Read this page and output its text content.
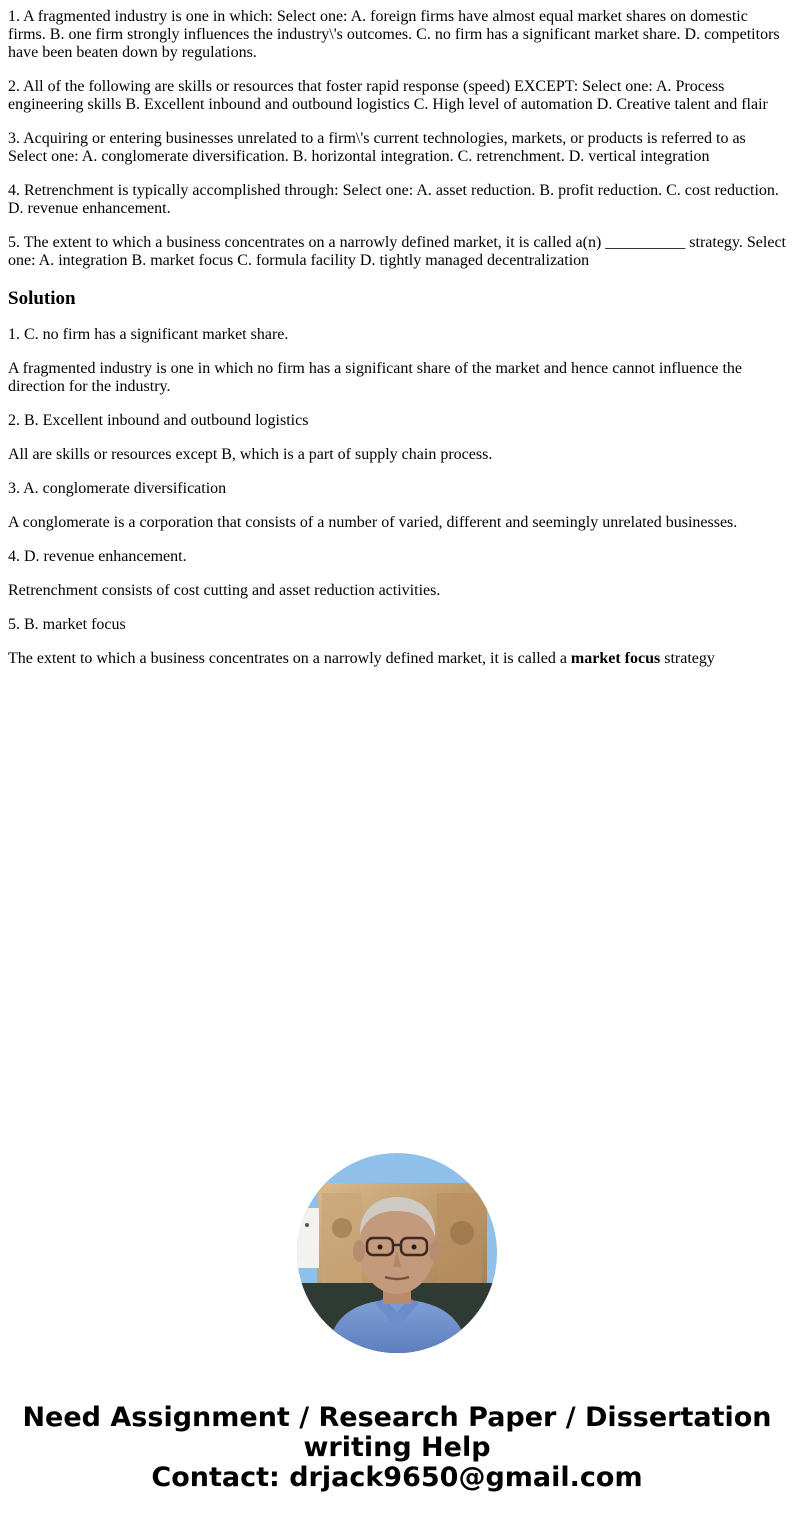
1. A fragmented industry is one in which: Select one: A. foreign firms have almost equal market shares on domestic firms. B. one firm strongly influences the industry\'s outcomes. C. no firm has a significant market share. D. competitors have been beaten down by regulations.

2. All of the following are skills or resources that foster rapid response (speed) EXCEPT: Select one: A. Process engineering skills B. Excellent inbound and outbound logistics C. High level of automation D. Creative talent and flair

3. Acquiring or entering businesses unrelated to a firm\'s current technologies, markets, or products is referred to as Select one: A. conglomerate diversification. B. horizontal integration. C. retrenchment. D. vertical integration

4. Retrenchment is typically accomplished through: Select one: A. asset reduction. B. profit reduction. C. cost reduction. D. revenue enhancement.

5. The extent to which a business concentrates on a narrowly defined market, it is called a(n) __________ strategy. Select one: A. integration B. market focus C. formula facility D. tightly managed decentralization

Solution

1. C. no firm has a significant market share.

A fragmented industry is one in which no firm has a significant share of the market and hence cannot influence the direction for the industry.

2. B. Excellent inbound and outbound logistics

All are skills or resources except B, which is a part of supply chain process.

3. A. conglomerate diversification

A conglomerate is a corporation that consists of a number of varied, different and seemingly unrelated businesses.

4. D. revenue enhancement.

Retrenchment consists of cost cutting and asset reduction activities.

5. B. market focus

The extent to which a business concentrates on a narrowly defined market, it is called a market focus strategy

Need Assignment / Research Paper / Dissertation
writing Help
Contact: drjack9650@gmail.com
